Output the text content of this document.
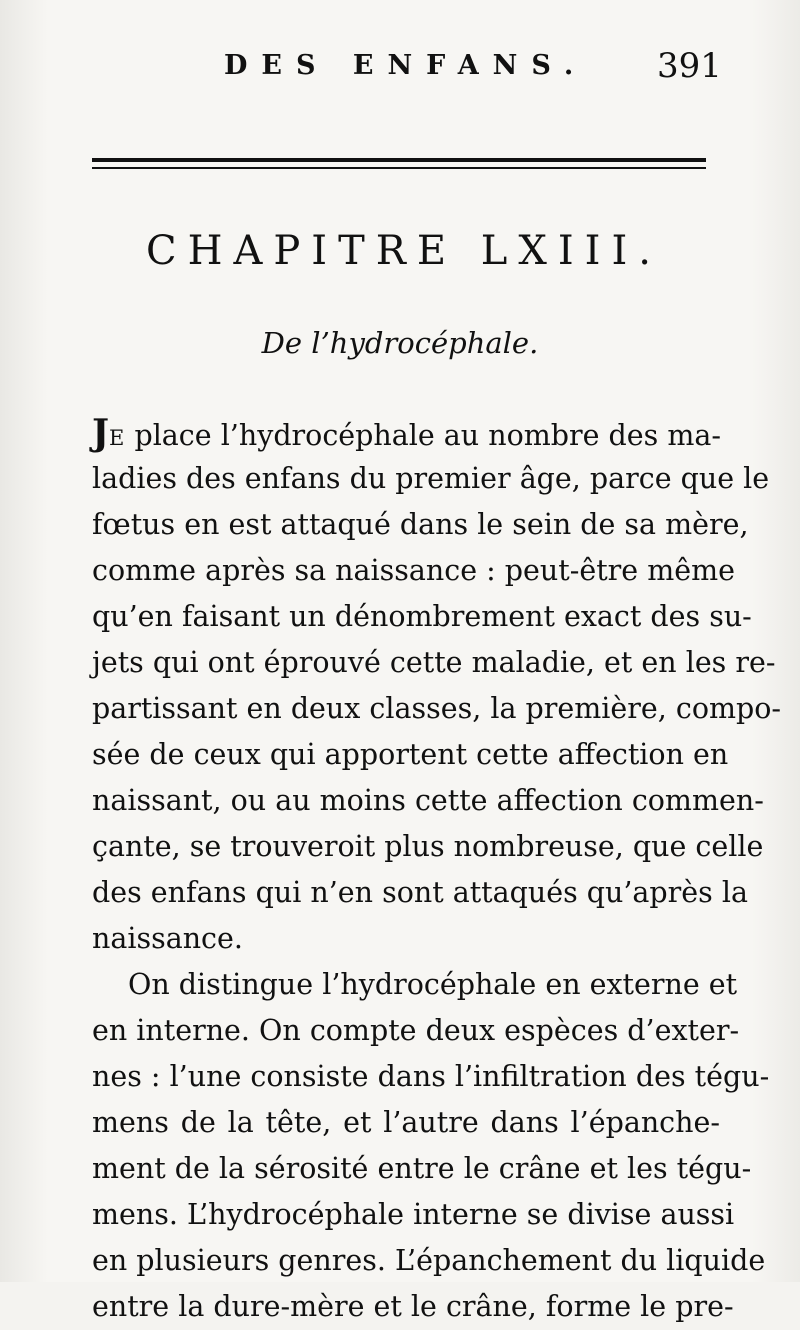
DES ENFANS. 391
CHAPITRE LXIII.
De l’hydrocéphale.
JE place l’hydrocéphale au nombre des ma-
ladies des enfans du premier âge, parce que le
fœtus en est attaqué dans le sein de sa mère,
comme après sa naissance : peut-être même
qu’en faisant un dénombrement exact des su-
jets qui ont éprouvé cette maladie, et en les re-
partissant en deux classes, la première, compo-
sée de ceux qui apportent cette affection en
naissant, ou au moins cette affection commen-
çante, se trouveroit plus nombreuse, que celle
des enfans qui n’en sont attaqués qu’après la
naissance.
On distingue l’hydrocéphale en externe et
en interne. On compte deux espèces d’exter-
nes : l’une consiste dans l’infiltration des tégu-
mens de la tête, et l’autre dans l’épanche-
ment de la sérosité entre le crâne et les tégu-
mens. L’hydrocéphale interne se divise aussi
en plusieurs genres. L’épanchement du liquide
entre la dure-mère et le crâne, forme le pre-
